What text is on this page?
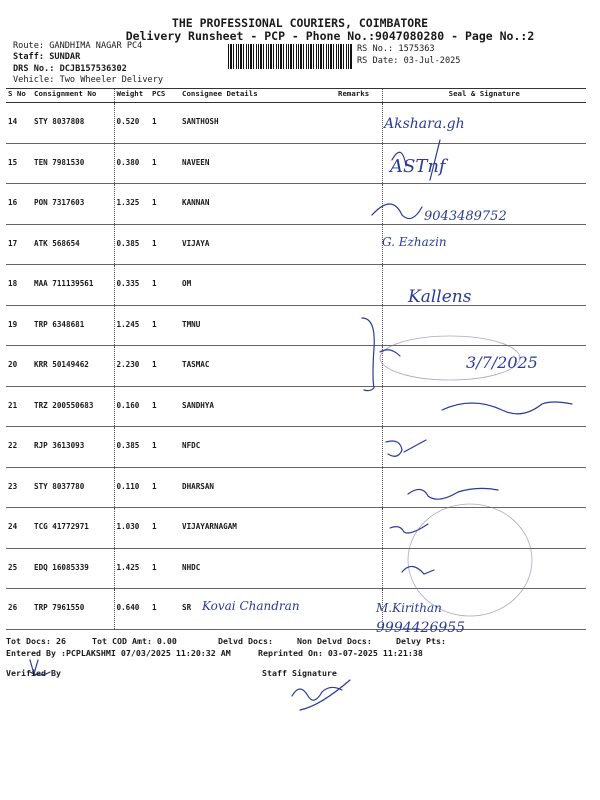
THE PROFESSIONAL COURIERS, COIMBATORE
Delivery Runsheet - PCP - Phone No.:9047080280 - Page No.:2
Route: GANDHIMA NAGAR PC4
Staff: SUNDAR
DRS No.: DCJB157536302
Vehicle: Two Wheeler Delivery
RS No.: 1575363
RS Date: 03-Jul-2025
S No	Consignment No	Weight	PCS	Consignee Details	Remarks	Seal & Signature
14	STY 8037808	0.520	1	SANTHOSH		
15	TEN 7981530	0.380	1	NAVEEN		
16	PON 7317603	1.325	1	KANNAN		
17	ATK 568654	0.385	1	VIJAYA		
18	MAA 711139561	0.335	1	OM		
19	TRP 6348681	1.245	1	TMNU		
20	KRR 50149462	2.230	1	TASMAC		
21	TRZ 200550683	0.160	1	SANDHYA		
22	RJP 3613093	0.385	1	NFDC		
23	STY 8037780	0.110	1	DHARSAN		
24	TCG 41772971	1.030	1	VIJAYARNAGAM		
25	EDQ 16085339	1.425	1	NHDC		
26	TRP 7961550	0.640	1	SR		
Akshara.gh
ASTnf
9043489752
G. Ezhazin
Kallens
3/7/2025
Kovai Chandran	M.Kirithan
9994426955
Tot Docs: 26	Tot COD Amt: 0.00	Delvd Docs:	Non Delvd Docs:	Delvy Pts:
Entered By :PCPLAKSHMI 07/03/2025 11:20:32 AM	Reprinted On: 03-07-2025 11:21:38
Verified By	Staff Signature
